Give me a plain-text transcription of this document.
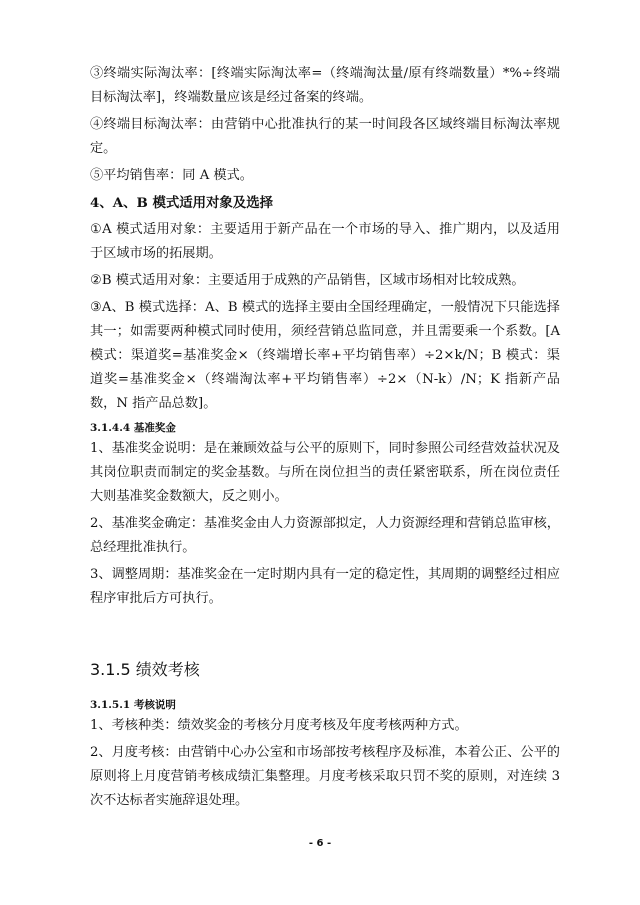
③终端实际淘汰率：[终端实际淘汰率=（终端淘汰量/原有终端数量）*%÷终端目标淘汰率]，终端数量应该是经过备案的终端。

④终端目标淘汰率：由营销中心批准执行的某一时间段各区域终端目标淘汰率规定。

⑤平均销售率：同 A 模式。

4、A、B 模式适用对象及选择

①A 模式适用对象：主要适用于新产品在一个市场的导入、推广期内，以及适用于区域市场的拓展期。

②B 模式适用对象：主要适用于成熟的产品销售，区域市场相对比较成熟。

③A、B 模式选择：A、B 模式的选择主要由全国经理确定，一般情况下只能选择其一；如需要两种模式同时使用，须经营销总监同意，并且需要乘一个系数。[A 模式：渠道奖=基准奖金×（终端增长率+平均销售率）÷2×k/N；B 模式：渠道奖=基准奖金×（终端淘汰率+平均销售率）÷2×（N-k）/N；K 指新产品数，N 指产品总数]。

3.1.4.4 基准奖金

1、基准奖金说明：是在兼顾效益与公平的原则下，同时参照公司经营效益状况及其岗位职责而制定的奖金基数。与所在岗位担当的责任紧密联系，所在岗位责任大则基准奖金数额大，反之则小。

2、基准奖金确定：基准奖金由人力资源部拟定，人力资源经理和营销总监审核，总经理批准执行。

3、调整周期：基准奖金在一定时期内具有一定的稳定性，其周期的调整经过相应程序审批后方可执行。

3.1.5 绩效考核

3.1.5.1 考核说明

1、考核种类：绩效奖金的考核分月度考核及年度考核两种方式。

2、月度考核：由营销中心办公室和市场部按考核程序及标准，本着公正、公平的原则将上月度营销考核成绩汇集整理。月度考核采取只罚不奖的原则，对连续 3 次不达标者实施辞退处理。

- 6 -
